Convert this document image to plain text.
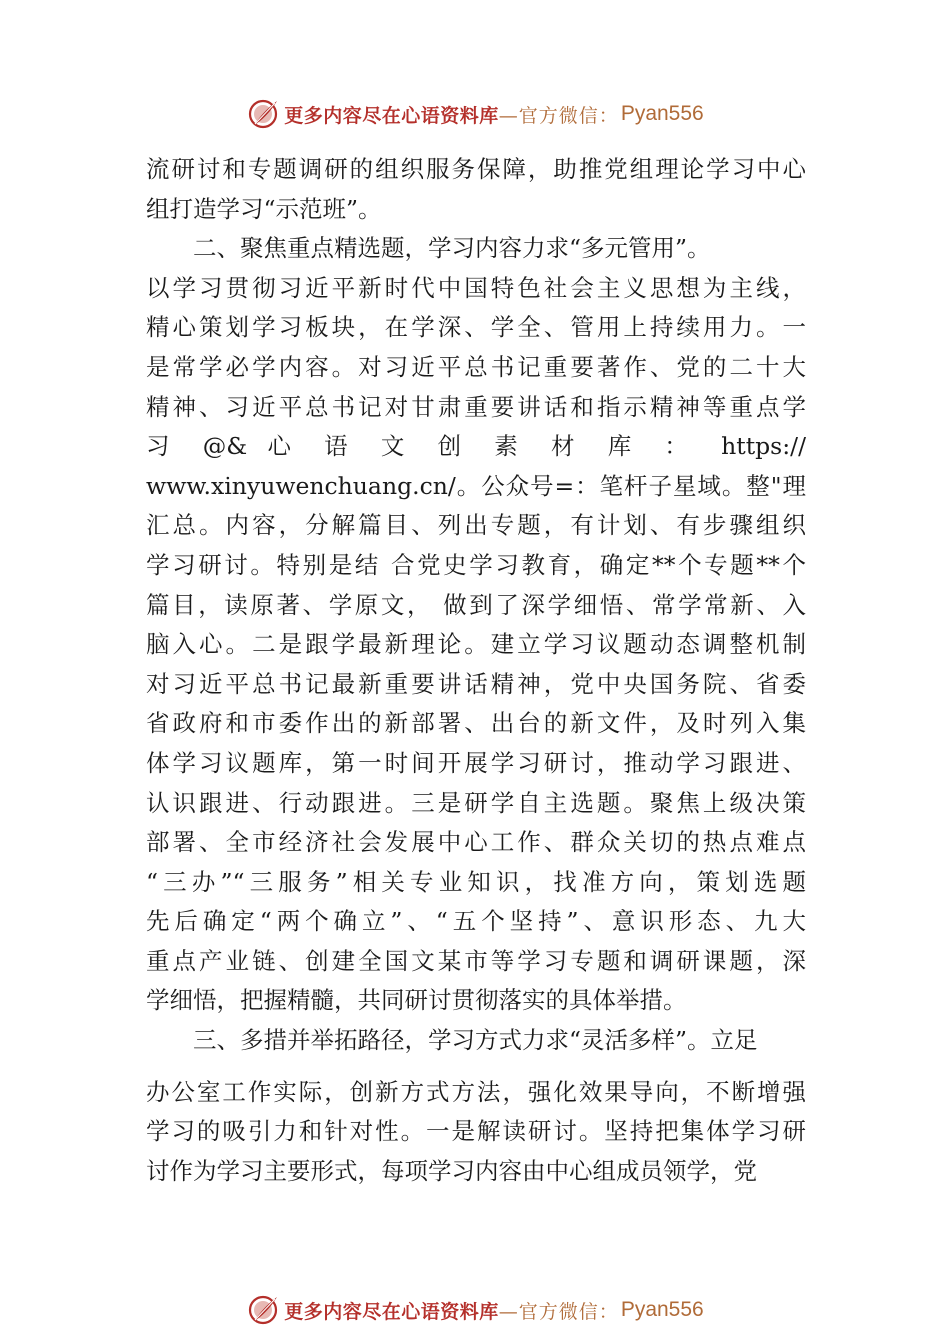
更多内容尽在心语资料库 —官方微信： Pyan556
流研讨和专题调研的组织服务保障，助推党组理论学习中心
组打造学习“示范班”。
二、聚焦重点精选题，学习内容力求“多元管用”。
以学习贯彻习近平新时代中国特色社会主义思想为主线，
精心策划学习板块，在学深、学全、管用上持续用力。一
是常学必学内容。对习近平总书记重要著作、党的二十大
精神、习近平总书记对甘肃重要讲话和指示精神等重点学
习 @& 心 语 文 创 素 材 库 ： https://
www.xinyuwenchuang.cn/。公众号=：笔杆子星域。整"理
汇总。内容，分解篇目、列出专题，有计划、有步骤组织
学习研讨。特别是结 合党史学习教育，确定**个专题**个
篇目，读原著、学原文， 做到了深学细悟、常学常新、入
脑入心。二是跟学最新理论。建立学习议题动态调整机制
对习近平总书记最新重要讲话精神，党中央国务院、省委
省政府和市委作出的新部署、出台的新文件，及时列入集
体学习议题库，第一时间开展学习研讨，推动学习跟进、
认识跟进、行动跟进。三是研学自主选题。聚焦上级决策
部署、全市经济社会发展中心工作、群众关切的热点难点
“三办”“三服务”相关专业知识，找准方向，策划选题
先后确定“两个确立”、“五个坚持”、意识形态、九大
重点产业链、创建全国文某市等学习专题和调研课题，深
学细悟，把握精髓，共同研讨贯彻落实的具体举措。
三、多措并举拓路径，学习方式力求“灵活多样”。立足
办公室工作实际，创新方式方法，强化效果导向，不断增强
学习的吸引力和针对性。一是解读研讨。坚持把集体学习研
讨作为学习主要形式，每项学习内容由中心组成员领学，党
更多内容尽在心语资料库 —官方微信： Pyan556
